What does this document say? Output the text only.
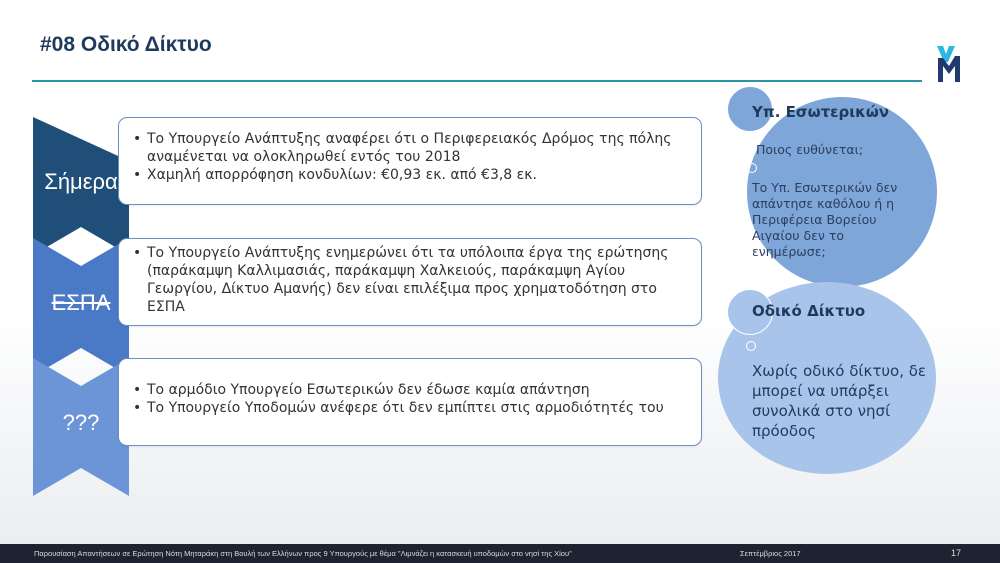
#08 Οδικό Δίκτυο
Σήμερα
• Το Υπουργείο Ανάπτυξης αναφέρει ότι ο Περιφερειακός Δρόμος της πόλης αναμένεται να ολοκληρωθεί εντός του 2018
• Χαμηλή απορρόφηση κονδυλίων: €0,93 εκ. από €3,8 εκ.
ΕΣΠΑ
• Το Υπουργείο Ανάπτυξης ενημερώνει ότι τα υπόλοιπα έργα της ερώτησης (παράκαμψη Καλλιμασιάς, παράκαμψη Χαλκειούς, παράκαμψη Αγίου Γεωργίου, Δίκτυο Αμανής) δεν είναι επιλέξιμα προς χρηματοδότηση στο ΕΣΠΑ
???
• Το αρμόδιο Υπουργείο Εσωτερικών δεν έδωσε καμία απάντηση
• Το Υπουργείο Υποδομών ανέφερε ότι δεν εμπίπτει στις αρμοδιότητές του
Υπ. Εσωτερικών
Ποιος ευθύνεται;
Το Υπ. Εσωτερικών δεν απάντησε καθόλου ή η Περιφέρεια Βορείου Αιγαίου δεν το ενημέρωσε;
Οδικό Δίκτυο
Χωρίς οδικό δίκτυο, δε μπορεί να υπάρξει συνολικά στο νησί πρόοδος
Παρουσίαση Απαντήσεων σε Ερώτηση Νότη Μηταράκη στη Βουλή των Ελλήνων προς 9 Υπουργούς με θέμα "Λιμνάζει η κατασκευή υποδομών στο νησί της Χίου"	Σεπτέμβριος 2017	17
